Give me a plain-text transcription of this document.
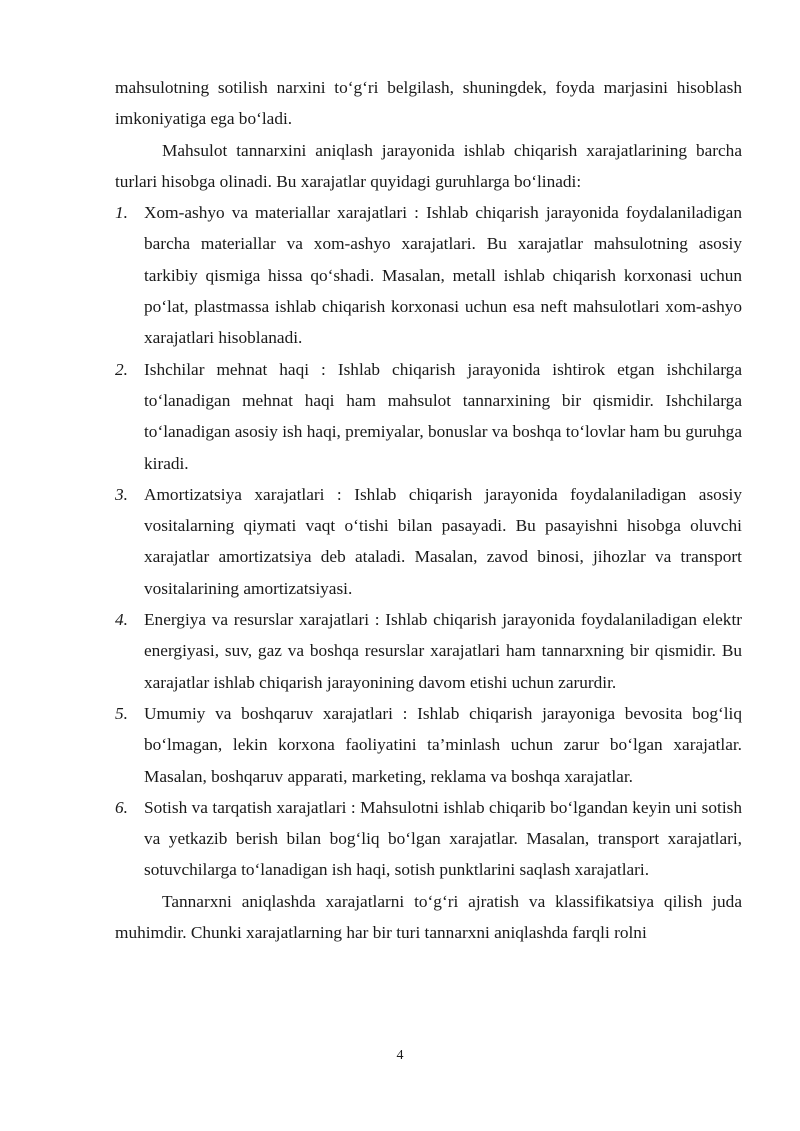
mahsulotning sotilish narxini to‘g‘ri belgilash, shuningdek, foyda marjasini hisoblash imkoniyatiga ega bo‘ladi.

Mahsulot tannarxini aniqlash jarayonida ishlab chiqarish xarajatlarining barcha turlari hisobga olinadi. Bu xarajatlar quyidagi guruhlarga bo‘linadi:

1. Xom-ashyo va materiallar xarajatlari : Ishlab chiqarish jarayonida foydalaniladigan barcha materiallar va xom-ashyo xarajatlari. Bu xarajatlar mahsulotning asosiy tarkibiy qismiga hissa qo‘shadi. Masalan, metall ishlab chiqarish korxonasi uchun po‘lat, plastmassa ishlab chiqarish korxonasi uchun esa neft mahsulotlari xom-ashyo xarajatlari hisoblanadi.
2. Ishchilar mehnat haqi : Ishlab chiqarish jarayonida ishtirok etgan ishchilarga to‘lanadigan mehnat haqi ham mahsulot tannarxining bir qismidir. Ishchilarga to‘lanadigan asosiy ish haqi, premiyalar, bonuslar va boshqa to‘lovlar ham bu guruhga kiradi.
3. Amortizatsiya xarajatlari : Ishlab chiqarish jarayonida foydalaniladigan asosiy vositalarning qiymati vaqt o‘tishi bilan pasayadi. Bu pasayishni hisobga oluvchi xarajatlar amortizatsiya deb ataladi. Masalan, zavod binosi, jihozlar va transport vositalarining amortizatsiyasi.
4. Energiya va resurslar xarajatlari : Ishlab chiqarish jarayonida foydalaniladigan elektr energiyasi, suv, gaz va boshqa resurslar xarajatlari ham tannarxning bir qismidir. Bu xarajatlar ishlab chiqarish jarayonining davom etishi uchun zarurdir.
5. Umumiy va boshqaruv xarajatlari : Ishlab chiqarish jarayoniga bevosita bog‘liq bo‘lmagan, lekin korxona faoliyatini ta’minlash uchun zarur bo‘lgan xarajatlar. Masalan, boshqaruv apparati, marketing, reklama va boshqa xarajatlar.
6. Sotish va tarqatish xarajatlari : Mahsulotni ishlab chiqarib bo‘lgandan keyin uni sotish va yetkazib berish bilan bog‘liq bo‘lgan xarajatlar. Masalan, transport xarajatlari, sotuvchilarga to‘lanadigan ish haqi, sotish punktlarini saqlash xarajatlari.

Tannarxni aniqlashda xarajatlarni to‘g‘ri ajratish va klassifikatsiya qilish juda muhimdir. Chunki xarajatlarning har bir turi tannarxni aniqlashda farqli rolni

4
